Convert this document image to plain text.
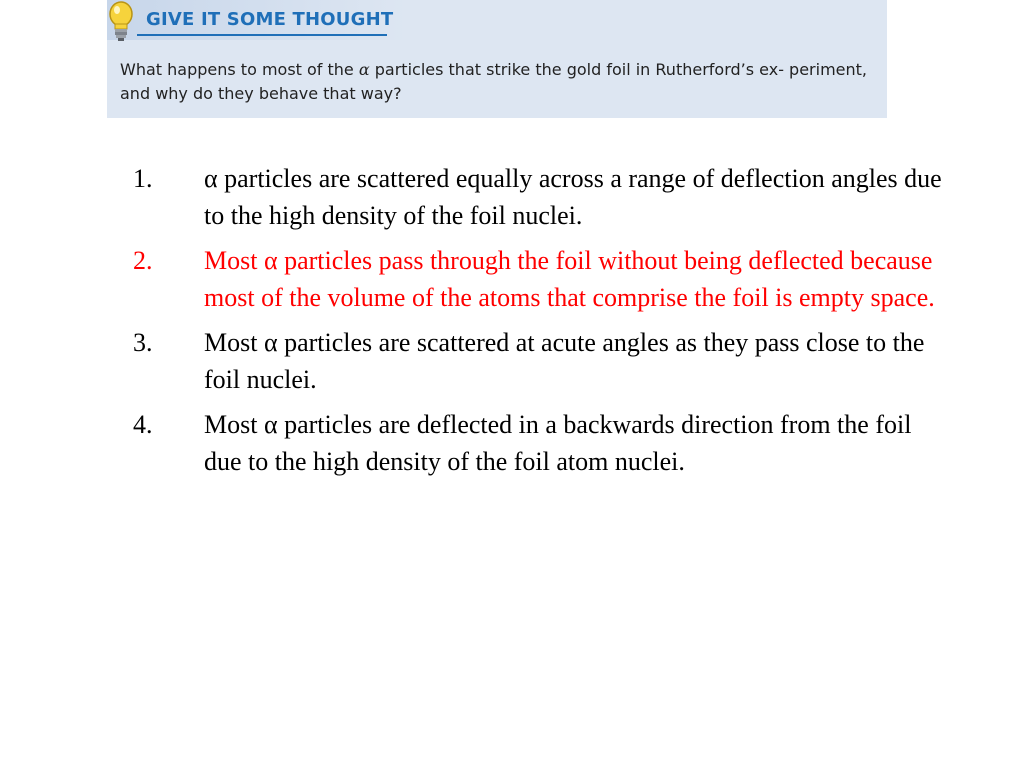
GIVE IT SOME THOUGHT
What happens to most of the α particles that strike the gold foil in Rutherford’s ex- periment, and why do they behave that way?
1.	α particles are scattered equally across a range of deflection angles due to the high density of the foil nuclei.
2.	Most α particles pass through the foil without being deflected because most of the volume of the atoms that comprise the foil is empty space.
3.	Most α particles are scattered at acute angles as they pass close to the foil nuclei.
4.	Most α particles are deflected in a backwards direction from the foil due to the high density of the foil atom nuclei.
